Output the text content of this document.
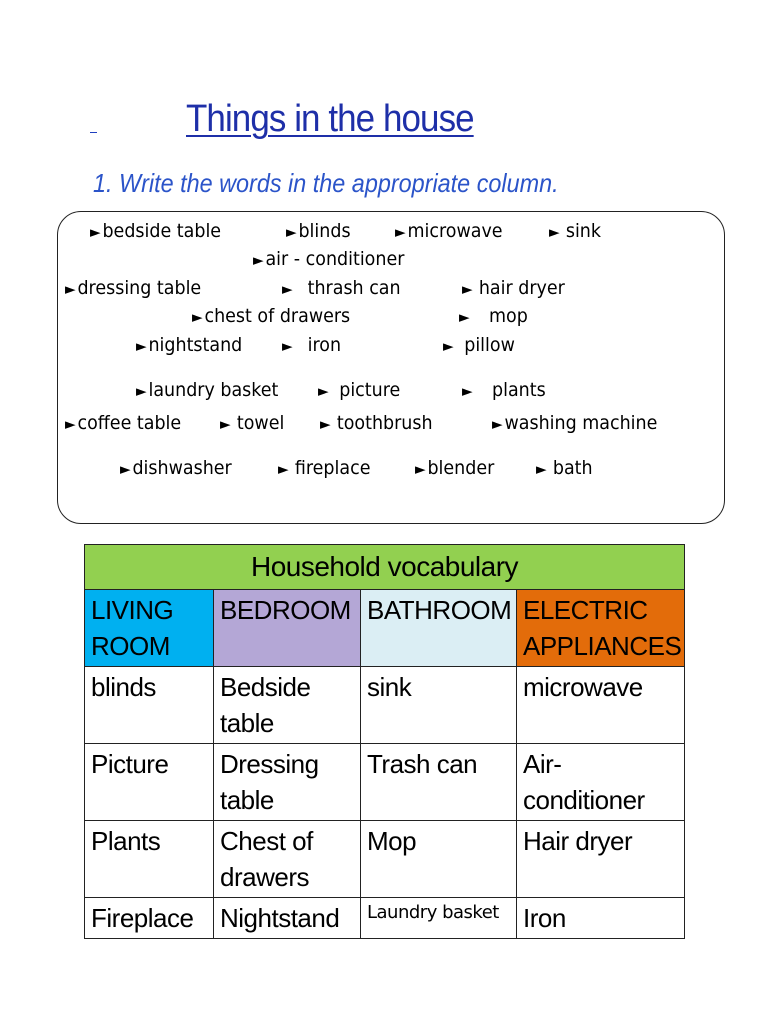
Things in the house
1. Write the words in the appropriate column.
►bedside table	►blinds	►microwave	► sink
►air - conditioner
►dressing table	►   thrash can	► hair dryer
►chest of drawers	►    mop
►nightstand	►   iron	►  pillow
►laundry basket	►  picture	►    plants
►coffee table	► towel ► toothbrush	►washing machine
►dishwasher	► fireplace	►blender	► bath
Household vocabulary			
LIVING ROOM	BEDROOM	BATHROOM	ELECTRIC APPLIANCES
blinds	Bedside table	sink	microwave
Picture	Dressing table	Trash can	Air-conditioner
Plants	Chest of drawers	Mop	Hair dryer
Fireplace	Nightstand	Laundry basket	Iron
